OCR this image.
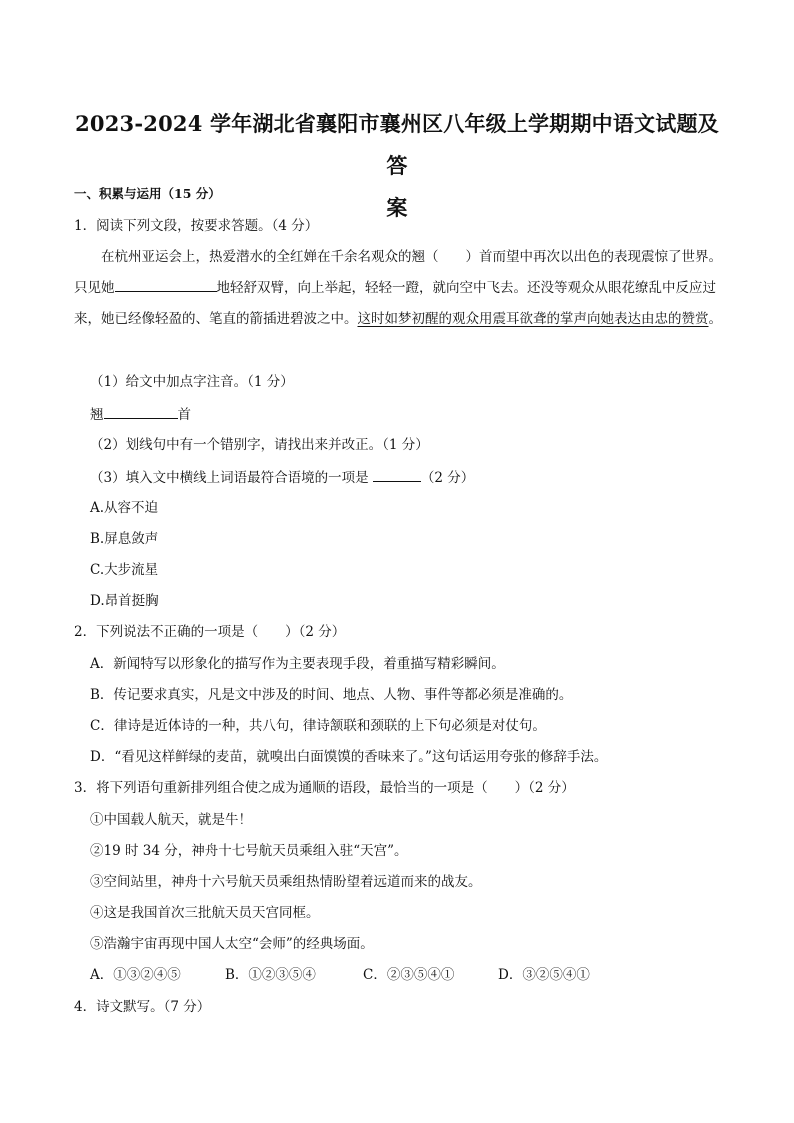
2023-2024 学年湖北省襄阳市襄州区八年级上学期期中语文试题及答
案
一、积累与运用（15 分）
1．阅读下列文段，按要求答题。（4 分）
在杭州亚运会上，热爱潜水的全红婵在千余名观众的翘（　　）首而望中再次以出色的表现震惊了世界。只见她	地轻舒双臂，向上举起，轻轻一蹬，就向空中飞去。还没等观众从眼花缭乱中反应过来，她已经像轻盈的、笔直的箭插进碧波之中。这时如梦初醒的观众用震耳欲聋的掌声向她表达由忠的赞赏。
（1）给文中加点字注音。（1 分）
翘	首
（2）划线句中有一个错别字，请找出来并改正。（1 分）
（3）填入文中横线上词语最符合语境的一项是	（2 分）
A.从容不迫
B.屏息敛声
C.大步流星
D.昂首挺胸
2．下列说法不正确的一项是（　　）（2 分）
A．新闻特写以形象化的描写作为主要表现手段，着重描写精彩瞬间。
B．传记要求真实，凡是文中涉及的时间、地点、人物、事件等都必须是准确的。
C．律诗是近体诗的一种，共八句，律诗颔联和颈联的上下句必须是对仗句。
D．“看见这样鲜绿的麦苗，就嗅出白面馍馍的香味来了。”这句话运用夸张的修辞手法。
3．将下列语句重新排列组合使之成为通顺的语段，最恰当的一项是（　　）（2 分）
①中国载人航天，就是牛！
②19 时 34 分，神舟十七号航天员乘组入驻“天宫”。
③空间站里，神舟十六号航天员乘组热情盼望着远道而来的战友。
④这是我国首次三批航天员天宫同框。
⑤浩瀚宇宙再现中国人太空“会师”的经典场面。
A．①③②④⑤	B．①②③⑤④	C．②③⑤④①	D．③②⑤④①
4．诗文默写。（7 分）
